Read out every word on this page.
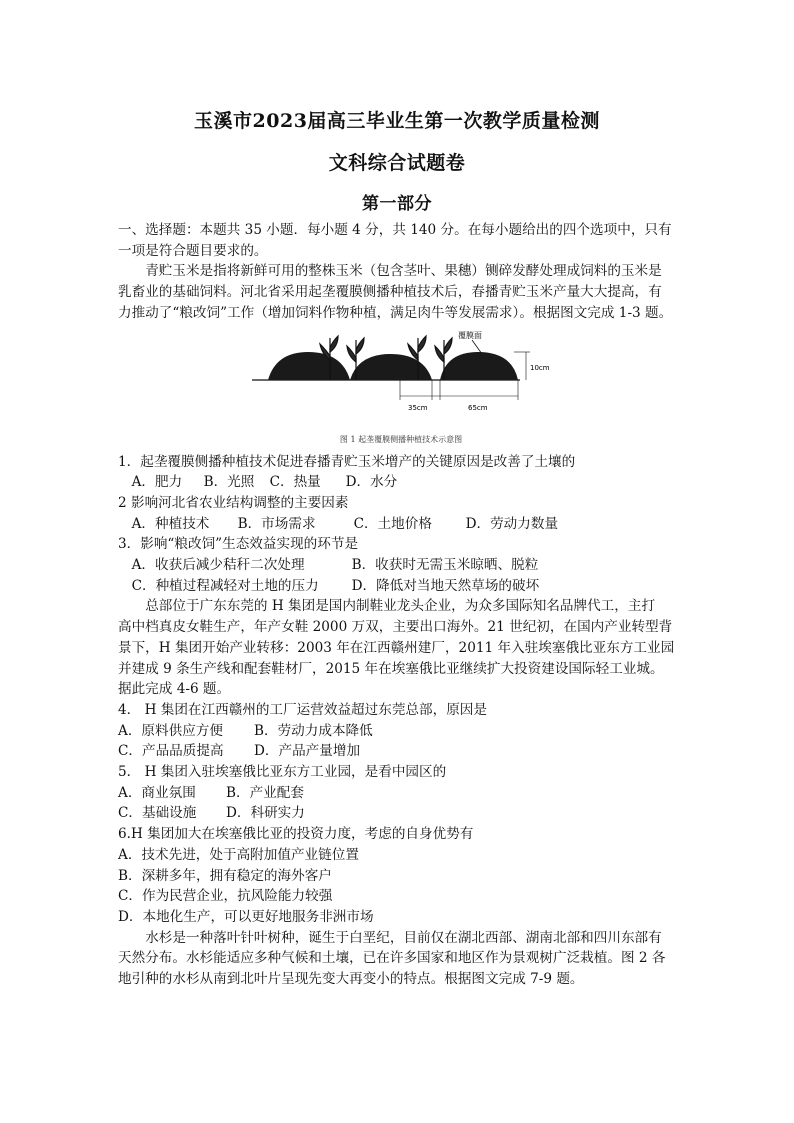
玉溪市2023届高三毕业生第一次教学质量检测
文科综合试题卷
第一部分

一、选择题：本题共 35 小题．每小题 4 分，共 140 分。在每小题给出的四个选项中，只有

一项是符合题目要求的。

青贮玉米是指将新鲜可用的整株玉米（包含茎叶、果穗）铡碎发酵处理成饲料的玉米是

乳畜业的基础饲料。河北省采用起垄覆膜侧播种植技术后，春播青贮玉米产量大大提高，有

力推动了“粮改饲”工作（增加饲料作物种植，满足肉牛等发展需求）。根据图文完成 1-3 题。

覆膜面
10cm
35cm	65cm
图 1 起垄覆膜侧播种植技术示意图

1．起垄覆膜侧播种植技术促进春播青贮玉米增产的关键原因是改善了土壤的

A．肥力	B．光照	C．热量	D．水分

2 影响河北省农业结构调整的主要因素

A．种植技术	B．市场需求	C．土地价格	D．劳动力数量

3．影响“粮改饲”生态效益实现的环节是

A．收获后减少秸秆二次处理	B．收获时无需玉米晾晒、脱粒
C．种植过程减轻对土地的压力	D．降低对当地天然草场的破坏

总部位于广东东莞的 H 集团是国内制鞋业龙头企业，为众多国际知名品牌代工，主打

高中档真皮女鞋生产，年产女鞋 2000 万双，主要出口海外。21 世纪初，在国内产业转型背

景下，H 集团开始产业转移：2003 年在江西赣州建厂，2011 年入驻埃塞俄比亚东方工业园

并建成 9 条生产线和配套鞋材厂，2015 年在埃塞俄比亚继续扩大投资建设国际轻工业城。

据此完成 4-6 题。

4． H 集团在江西赣州的工厂运营效益超过东莞总部，原因是

A．原料供应方便	B．劳动力成本降低
C．产品品质提高	D．产品产量增加

5． H 集团入驻埃塞俄比亚东方工业园，是看中园区的

A．商业氛围	B．产业配套
C．基础设施	D．科研实力

6.H 集团加大在埃塞俄比亚的投资力度，考虑的自身优势有

A．技术先进，处于高附加值产业链位置

B．深耕多年，拥有稳定的海外客户

C．作为民营企业，抗风险能力较强

D．本地化生产，可以更好地服务非洲市场

水杉是一种落叶针叶树种，诞生于白垩纪，目前仅在湖北西部、湖南北部和四川东部有

天然分布。水杉能适应多种气候和土壤，已在许多国家和地区作为景观树广泛栽植。图 2 各

地引种的水杉从南到北叶片呈现先变大再变小的特点。根据图文完成 7-9 题。
